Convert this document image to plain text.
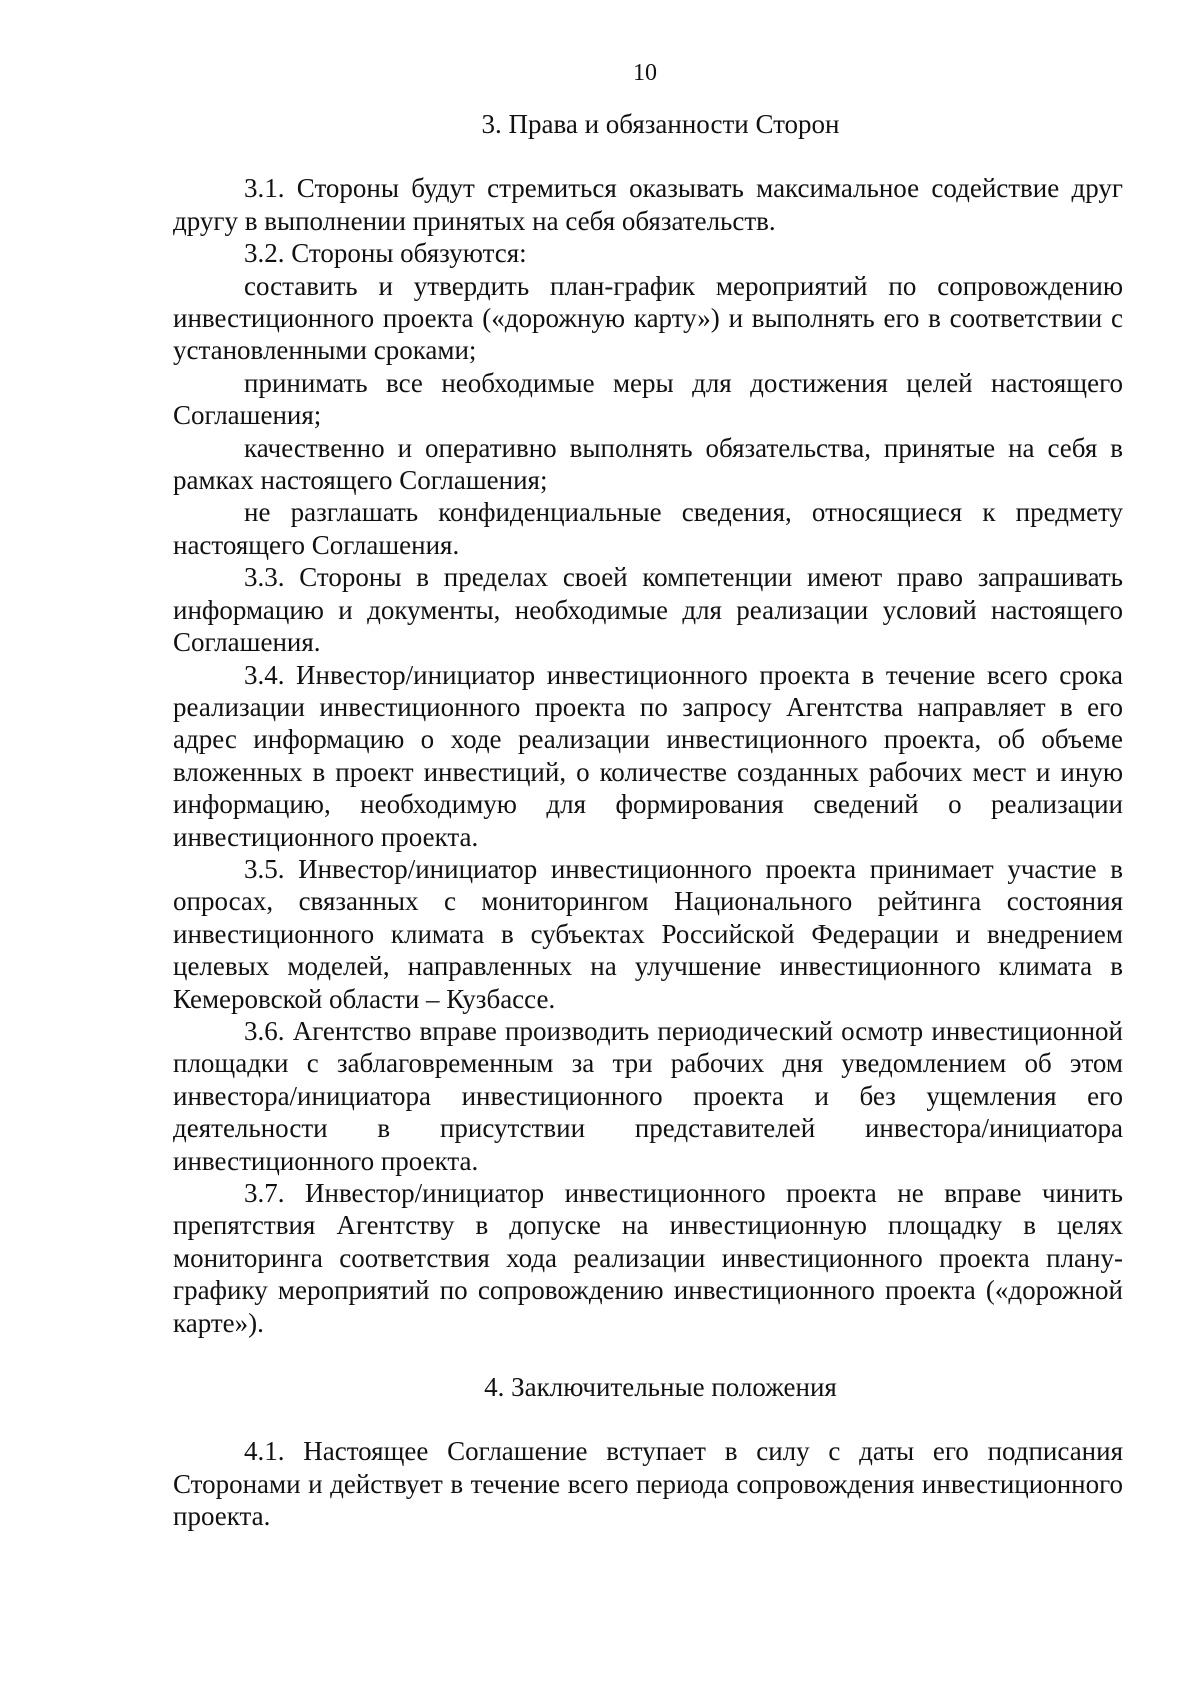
10
3. Права и обязанности Сторон

3.1. Стороны будут стремиться оказывать максимальное содействие друг другу в выполнении принятых на себя обязательств.

3.2. Стороны обязуются:

составить и утвердить план-график мероприятий по сопровождению инвестиционного проекта («дорожную карту») и выполнять его в соответствии с установленными сроками;

принимать все необходимые меры для достижения целей настоящего Соглашения;

качественно и оперативно выполнять обязательства, принятые на себя в рамках настоящего Соглашения;

не разглашать конфиденциальные сведения, относящиеся к предмету настоящего Соглашения.

3.3. Стороны в пределах своей компетенции имеют право запрашивать информацию и документы, необходимые для реализации условий настоящего Соглашения.

3.4. Инвестор/инициатор инвестиционного проекта в течение всего срока реализации инвестиционного проекта по запросу Агентства направляет в его адрес информацию о ходе реализации инвестиционного проекта, об объеме вложенных в проект инвестиций, о количестве созданных рабочих мест и иную информацию, необходимую для формирования сведений о реализации инвестиционного проекта.

3.5. Инвестор/инициатор инвестиционного проекта принимает участие в опросах, связанных с мониторингом Национального рейтинга состояния инвестиционного климата в субъектах Российской Федерации и внедрением целевых моделей, направленных на улучшение инвестиционного климата в Кемеровской области – Кузбассе.

3.6. Агентство вправе производить периодический осмотр инвестиционной площадки с заблаговременным за три рабочих дня уведомлением об этом инвестора/инициатора инвестиционного проекта и без ущемления его деятельности в присутствии представителей инвестора/инициатора инвестиционного проекта.

3.7. Инвестор/инициатор инвестиционного проекта не вправе чинить препятствия Агентству в допуске на инвестиционную площадку в целях мониторинга соответствия хода реализации инвестиционного проекта плану-графику мероприятий по сопровождению инвестиционного проекта («дорожной карте»).

4. Заключительные положения

4.1. Настоящее Соглашение вступает в силу с даты его подписания Сторонами и действует в течение всего периода сопровождения инвестиционного проекта.
